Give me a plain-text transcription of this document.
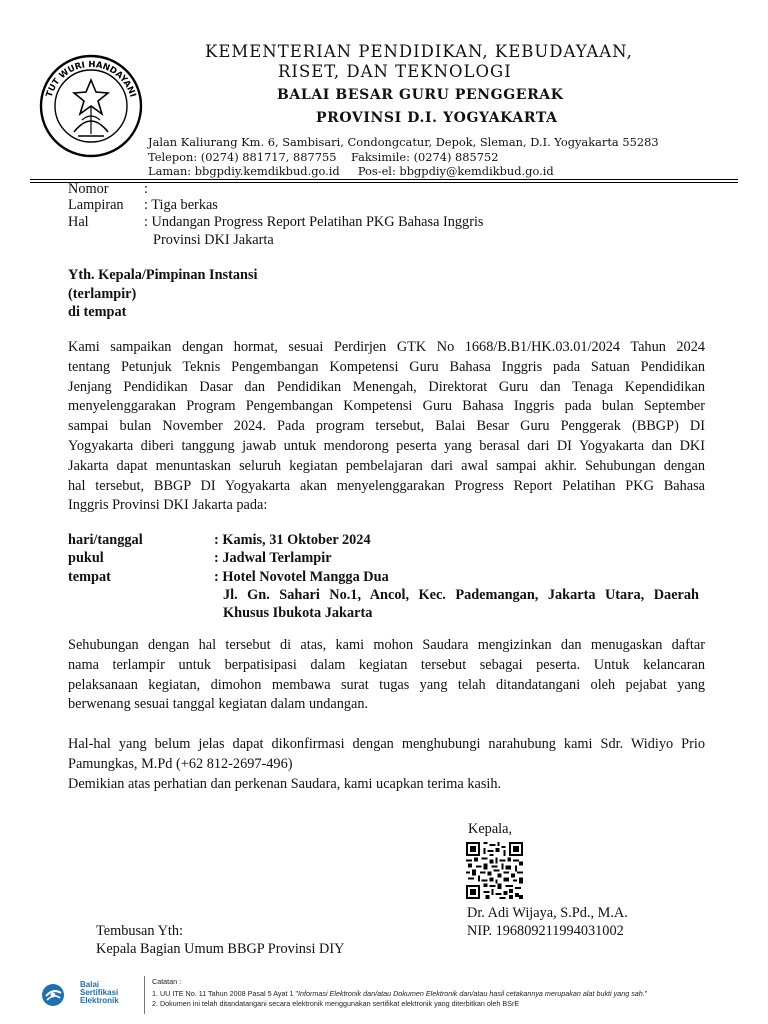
TUT WURI HANDAYANI
KEMENTERIAN PENDIDIKAN, KEBUDAYAAN,
RISET, DAN TEKNOLOGI
BALAI BESAR GURU PENGGERAK
PROVINSI D.I. YOGYAKARTA
Jalan Kaliurang Km. 6, Sambisari, Condongcatur, Depok, Sleman, D.I. Yogyakarta 55283
Telepon: (0274) 881717, 887755    Faksimile: (0274) 885752
Laman: bbgpdiy.kemdikbud.go.id     Pos-el: bbgpdiy@kemdikbud.go.id
Nomor :
Lampiran : Tiga berkas
Hal	: Undangan Progress Report Pelatihan PKG Bahasa Inggris
Provinsi DKI Jakarta
Yth. Kepala/Pimpinan Instansi
(terlampir)
di tempat
Kami sampaikan dengan hormat, sesuai Perdirjen GTK No 1668/B.B1/HK.03.01/2024 Tahun 2024
tentang Petunjuk Teknis Pengembangan Kompetensi Guru Bahasa Inggris pada Satuan Pendidikan
Jenjang Pendidikan Dasar dan Pendidikan Menengah, Direktorat Guru dan Tenaga Kependidikan
menyelenggarakan Program Pengembangan Kompetensi Guru Bahasa Inggris pada bulan September
sampai bulan November 2024. Pada program tersebut, Balai Besar Guru Penggerak (BBGP) DI
Yogyakarta diberi tanggung jawab untuk mendorong peserta yang berasal dari DI Yogyakarta dan DKI
Jakarta dapat menuntaskan seluruh kegiatan pembelajaran dari awal sampai akhir. Sehubungan dengan
hal tersebut, BBGP DI Yogyakarta akan menyelenggarakan Progress Report Pelatihan PKG Bahasa
Inggris Provinsi DKI Jakarta pada:
hari/tanggal	: Kamis, 31 Oktober 2024
pukul	: Jadwal Terlampir
tempat	: Hotel Novotel Mangga Dua
Jl. Gn. Sahari No.1, Ancol, Kec. Pademangan, Jakarta Utara, Daerah
Khusus Ibukota Jakarta
Sehubungan dengan hal tersebut di atas, kami mohon Saudara mengizinkan dan menugaskan daftar
nama terlampir untuk berpatisipasi dalam kegiatan tersebut sebagai peserta. Untuk kelancaran
pelaksanaan kegiatan, dimohon membawa surat tugas yang telah ditandatangani oleh pejabat yang
berwenang sesuai tanggal kegiatan dalam undangan.
Hal-hal yang belum jelas dapat dikonfirmasi dengan menghubungi narahubung kami Sdr. Widiyo Prio
Pamungkas, M.Pd (+62 812-2697-496)
Demikian atas perhatian dan perkenan Saudara, kami ucapkan terima kasih.
Kepala,
Dr. Adi Wijaya, S.Pd., M.A.
NIP. 196809211994031002
Tembusan Yth:
Kepala Bagian Umum BBGP Provinsi DIY
Balai
Sertifikasi
Elektronik
Catatan :
1. UU ITE No. 11 Tahun 2008 Pasal 5 Ayat 1 "Informasi Elektronik dan/atau Dokumen Elektronik dan/atau hasil cetakannya merupakan alat bukti yang sah."
2. Dokumen ini telah ditandatangani secara elektronik menggunakan sertifikat elektronik yang diterbitkan oleh BSrE
